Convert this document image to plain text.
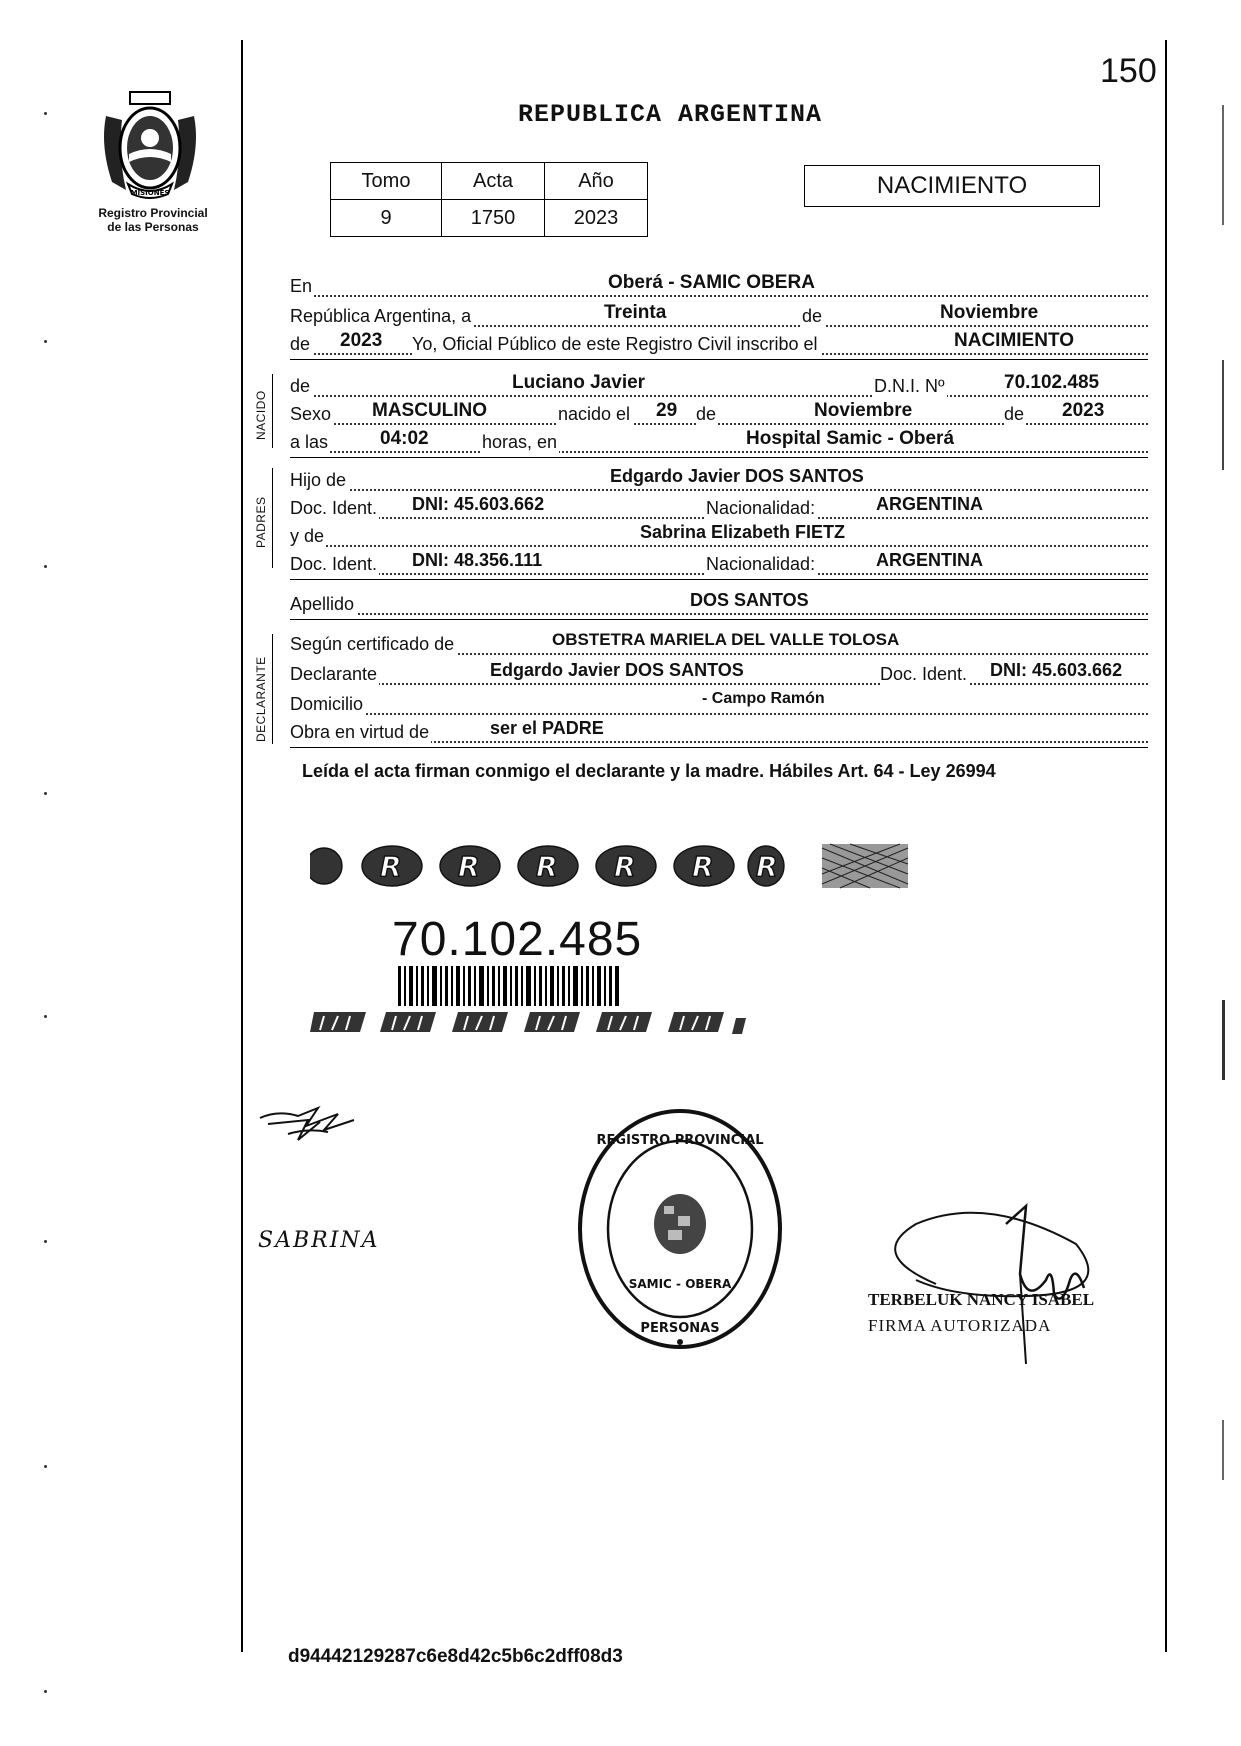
150
MISIONES
Registro Provincial
de las Personas
REPUBLICA ARGENTINA
Tomo	Acta	Año
9	1750	2023
NACIMIENTO
En	Oberá - SAMIC OBERA
República Argentina, a	Treinta	de	Noviembre
de 2023 Yo, Oficial Público de este Registro Civil inscribo el	NACIMIENTO
NACIDO
de	Luciano Javier	D.N.I. Nº	70.102.485
Sexo MASCULINO	nacido el 29 de	Noviembre	de 2023
a las	04:02	horas, en	Hospital Samic - Oberá
PADRES
Hijo de	Edgardo Javier DOS SANTOS
Doc. Ident. DNI: 45.603.662	Nacionalidad:	ARGENTINA
y de	Sabrina Elizabeth FIETZ
Doc. Ident. DNI: 48.356.111	Nacionalidad:	ARGENTINA
Apellido	DOS SANTOS
DECLARANTE
Según certificado de	OBSTETRA MARIELA DEL VALLE TOLOSA
Declarante	Edgardo Javier DOS SANTOS	Doc. Ident. DNI: 45.603.662
Domicilio	- Campo Ramón
Obra en virtud de	ser el PADRE
Leída el acta firman conmigo el declarante y la madre. Hábiles Art. 64 - Ley 26994
R R R R R R
70.102.485
SABRINA
REGISTRO PROVINCIAL
PERSONAS
SAMIC - OBERA
TERBELUK NANCY ISABEL
FIRMA AUTORIZADA
d94442129287c6e8d42c5b6c2dff08d3
